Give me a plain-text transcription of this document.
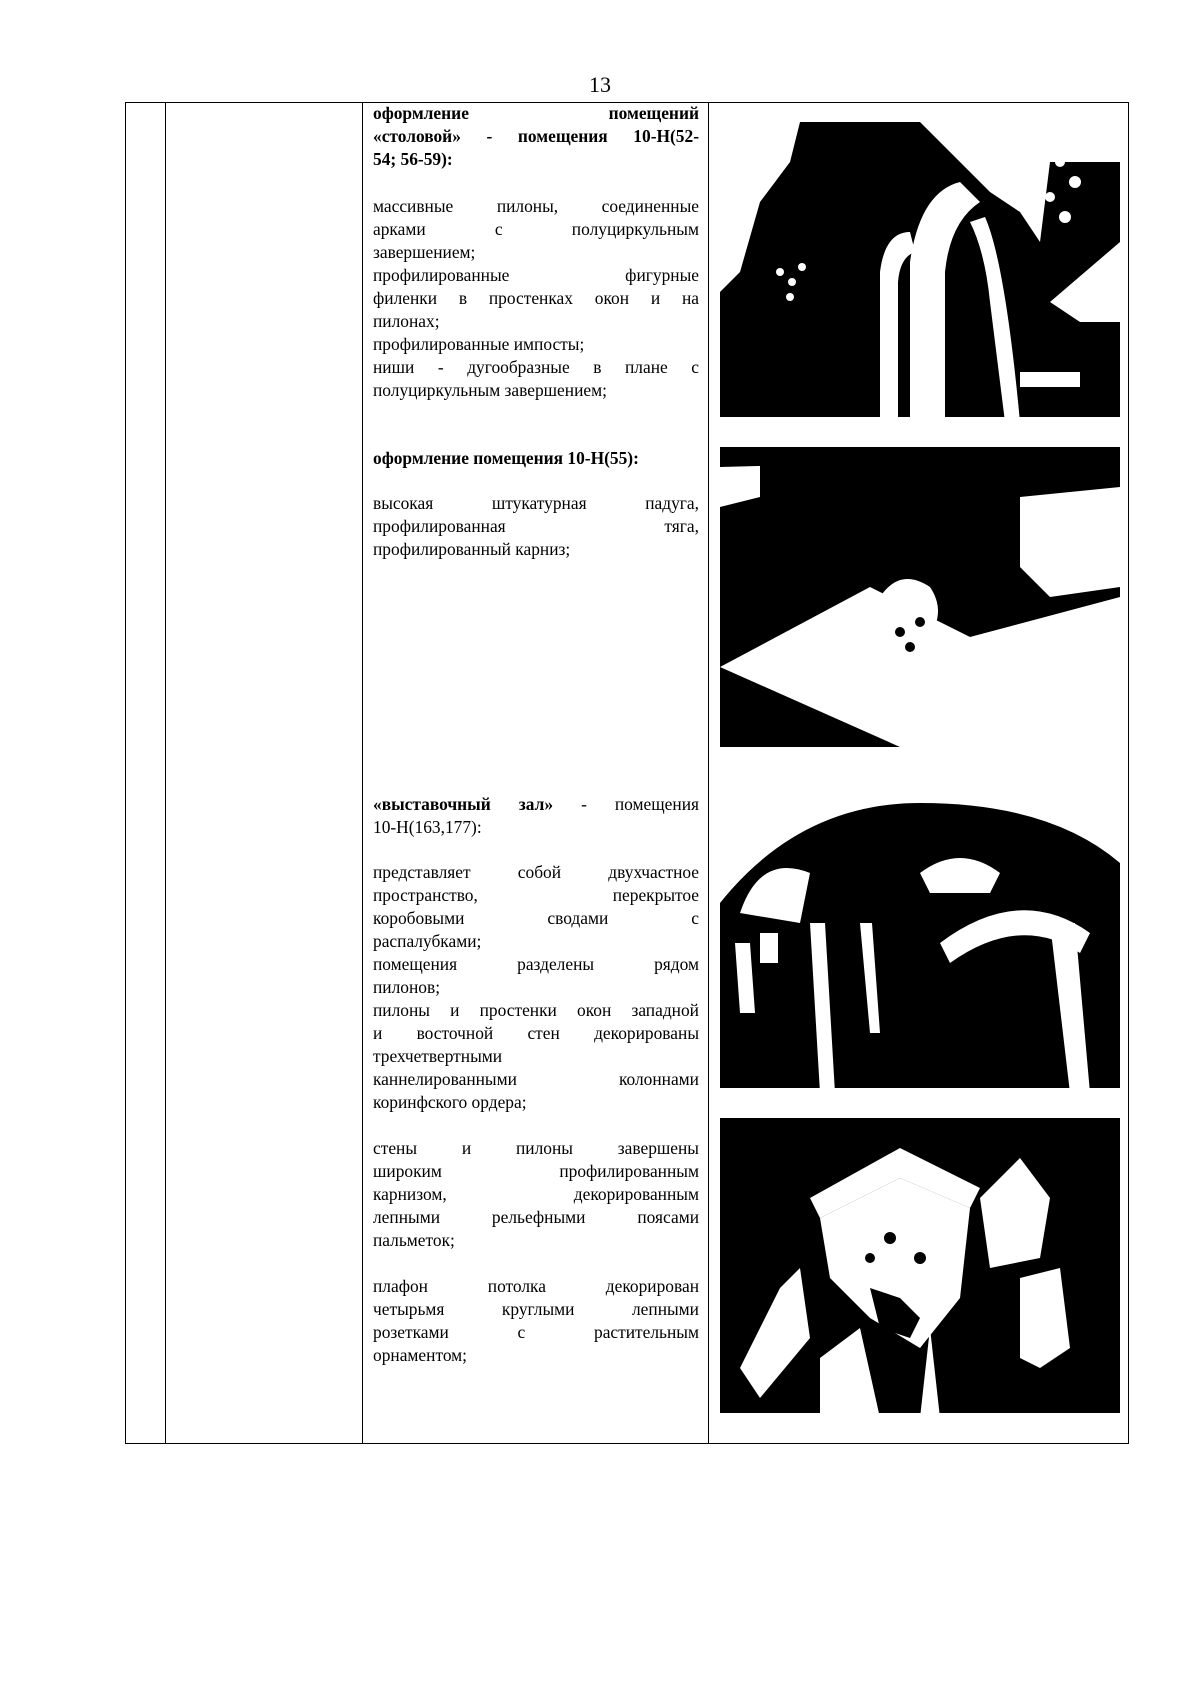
13

оформление помещений

«столовой» - помещения 10-Н(52-

54; 56-59):

массивные пилоны, соединенные

арками с полуциркульным

завершением;

профилированные фигурные

филенки в простенках окон и на

пилонах;

профилированные импосты;

ниши - дугообразные в плане с

полуциркульным завершением;

оформление помещения 10-Н(55):

высокая штукатурная падуга,

профилированная тяга,

профилированный карниз;

«выставочный зал» - помещения

10-Н(163,177):

представляет собой двухчастное

пространство, перекрытое

коробовыми сводами с

распалубками;

помещения разделены рядом

пилонов;

пилоны и простенки окон западной

и восточной стен декорированы

трехчетвертными

каннелированными колоннами

коринфского ордера;

стены и пилоны завершены

широким профилированным

карнизом, декорированным

лепными рельефными поясами

пальметок;

плафон потолка декорирован

четырьмя круглыми лепными

розетками с растительным

орнаментом;
